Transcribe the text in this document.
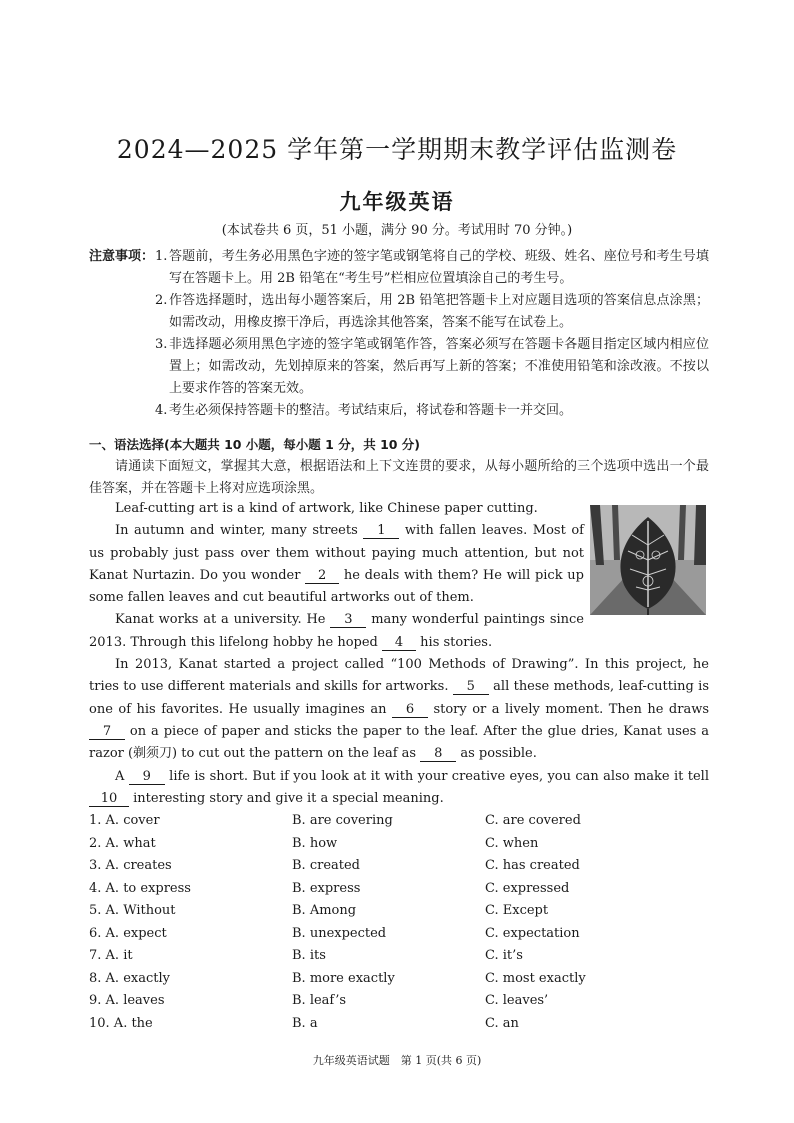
2024—2025 学年第一学期期末教学评估监测卷
九年级英语
(本试卷共 6 页，51 小题，满分 90 分。考试用时 70 分钟。)
注意事项： 1. 答题前，考生务必用黑色字迹的签字笔或钢笔将自己的学校、班级、姓名、座位号和考生号填写在答题卡上。用 2B 铅笔在“考生号”栏相应位置填涂自己的考生号。
2. 作答选择题时，选出每小题答案后，用 2B 铅笔把答题卡上对应题目选项的答案信息点涂黑；如需改动，用橡皮擦干净后，再选涂其他答案，答案不能写在试卷上。
3. 非选择题必须用黑色字迹的签字笔或钢笔作答，答案必须写在答题卡各题目指定区域内相应位置上；如需改动，先划掉原来的答案，然后再写上新的答案；不准使用铅笔和涂改液。不按以上要求作答的答案无效。
4. 考生必须保持答题卡的整洁。考试结束后，将试卷和答题卡一并交回。
一、语法选择(本大题共 10 小题，每小题 1 分，共 10 分)

请通读下面短文，掌握其大意，根据语法和上下文连贯的要求，从每小题所给的三个选项中选出一个最佳答案，并在答题卡上将对应选项涂黑。

Leaf-cutting art is a kind of artwork, like Chinese paper cutting.

In autumn and winter, many streets 1 with fallen leaves. Most of us probably just pass over them without paying much attention, but not Kanat Nurtazin. Do you wonder 2 he deals with them? He will pick up some fallen leaves and cut beautiful artworks out of them.

Kanat works at a university. He 3 many wonderful paintings since 2013. Through this lifelong hobby he hoped 4 his stories.

In 2013, Kanat started a project called “100 Methods of Drawing”. In this project, he tries to use different materials and skills for artworks. 5 all these methods, leaf-cutting is one of his favorites. He usually imagines an 6 story or a lively moment. Then he draws 7 on a piece of paper and sticks the paper to the leaf. After the glue dries, Kanat uses a razor (剃须刀) to cut out the pattern on the leaf as 8 as possible.

A 9 life is short. But if you look at it with your creative eyes, you can also make it tell 10 interesting story and give it a special meaning.

1. A. cover	B. are covering	C. are covered
2. A. what	B. how	C. when
3. A. creates	B. created	C. has created
4. A. to express	B. express	C. expressed
5. A. Without	B. Among	C. Except
6. A. expect	B. unexpected	C. expectation
7. A. it	B. its	C. it’s
8. A. exactly	B. more exactly	C. most exactly
9. A. leaves	B. leaf’s	C. leaves’
10. A. the	B. a	C. an
九年级英语试题　第 1 页(共 6 页)
